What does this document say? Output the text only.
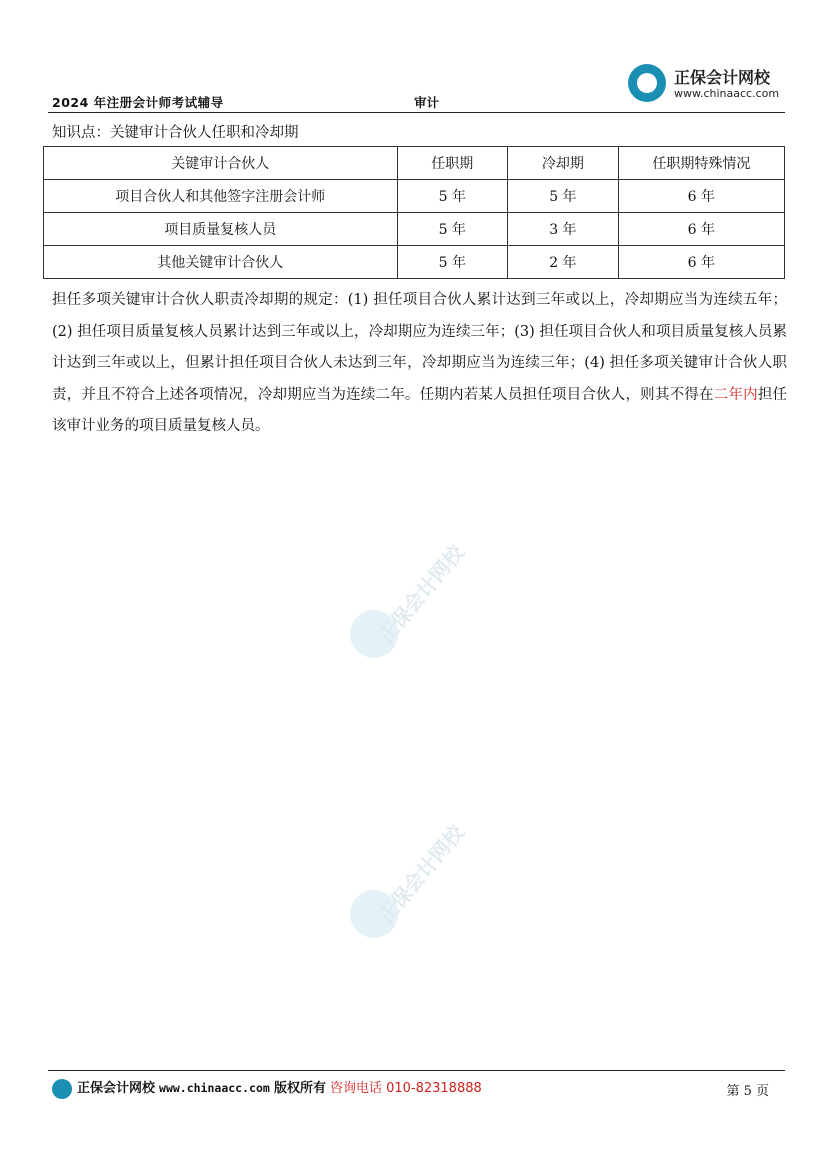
2024 年注册会计师考试辅导	审计
正保会计网校
www.chinaacc.com
正保会计网校
正保会计网校
知识点：关键审计合伙人任职和冷却期
关键审计合伙人	任职期	冷却期	任职期特殊情况
项目合伙人和其他签字注册会计师	5 年	5 年	6 年
项目质量复核人员	5 年	3 年	6 年
其他关键审计合伙人	5 年	2 年	6 年
担任多项关键审计合伙人职责冷却期的规定：(1) 担任项目合伙人累计达到三年或以上，冷却期应当为连续五年；(2) 担任项目质量复核人员累计达到三年或以上，冷却期应为连续三年；(3) 担任项目合伙人和项目质量复核人员累计达到三年或以上，但累计担任项目合伙人未达到三年，冷却期应当为连续三年；(4) 担任多项关键审计合伙人职责，并且不符合上述各项情况，冷却期应当为连续二年。任期内若某人员担任项目合伙人，则其不得在二年内担任该审计业务的项目质量复核人员。
正保会计网校 www.chinaacc.com 版权所有 咨询电话 010-82318888	第 5 页
